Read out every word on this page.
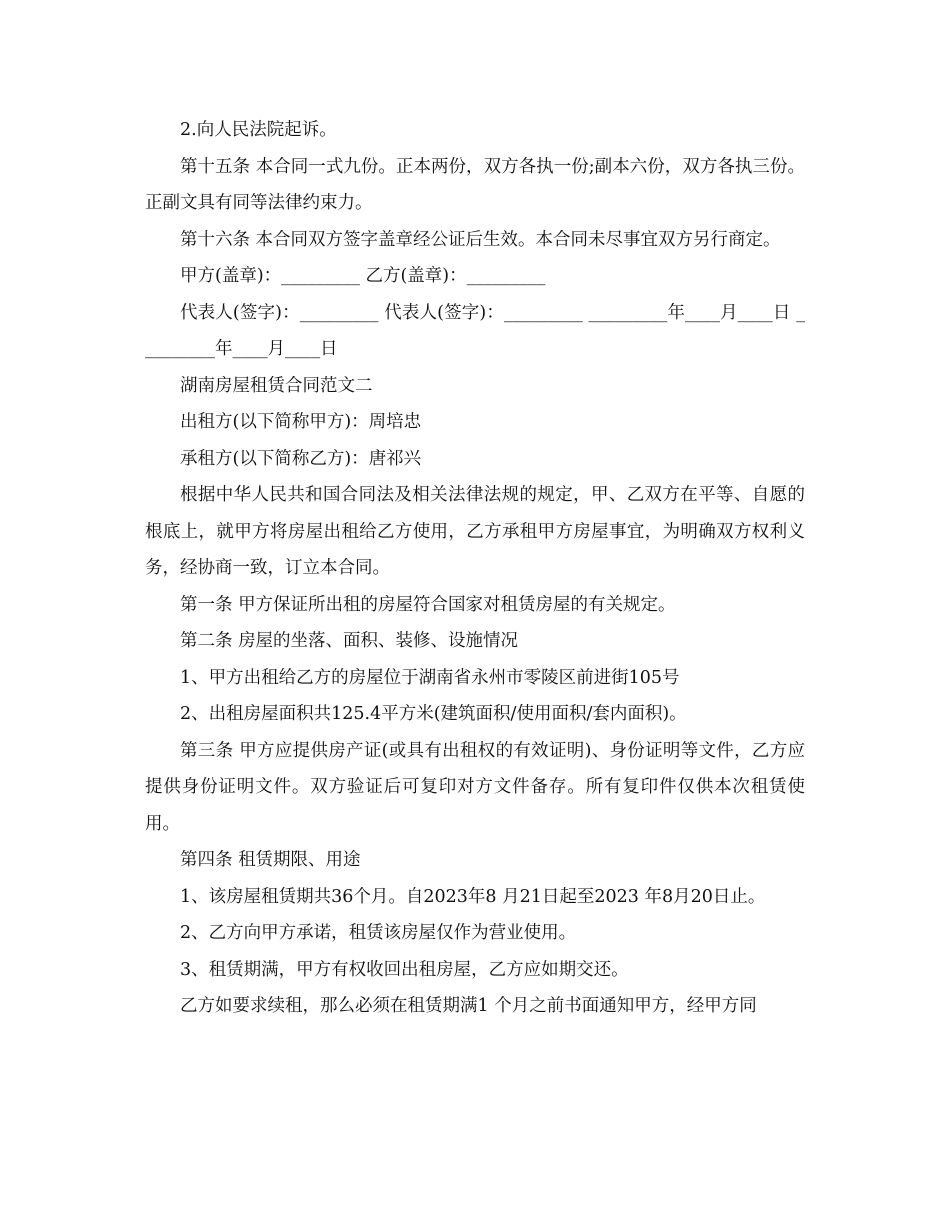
2.向人民法院起诉。

第十五条 本合同一式九份。正本两份，双方各执一份;副本六份，双方各执三份。正副文具有同等法律约束力。

第十六条 本合同双方签字盖章经公证后生效。本合同未尽事宜双方另行商定。

甲方(盖章)：_________ 乙方(盖章)：_________

代表人(签字)：_________ 代表人(签字)：_________ _________年____月____日 _________年____月____日

湖南房屋租赁合同范文二

出租方(以下简称甲方)：周培忠

承租方(以下简称乙方)：唐祁兴

根据中华人民共和国合同法及相关法律法规的规定，甲、乙双方在平等、自愿的根底上，就甲方将房屋出租给乙方使用，乙方承租甲方房屋事宜，为明确双方权利义务，经协商一致，订立本合同。

第一条 甲方保证所出租的房屋符合国家对租赁房屋的有关规定。

第二条 房屋的坐落、面积、装修、设施情况

1、甲方出租给乙方的房屋位于湖南省永州市零陵区前进街105号

2、出租房屋面积共125.4平方米(建筑面积/使用面积/套内面积)。

第三条 甲方应提供房产证(或具有出租权的有效证明)、身份证明等文件，乙方应提供身份证明文件。双方验证后可复印对方文件备存。所有复印件仅供本次租赁使用。

第四条 租赁期限、用途

1、该房屋租赁期共36个月。自2023年8 月21日起至2023 年8月20日止。

2、乙方向甲方承诺，租赁该房屋仅作为营业使用。

3、租赁期满，甲方有权收回出租房屋，乙方应如期交还。

乙方如要求续租，那么必须在租赁期满1 个月之前书面通知甲方，经甲方同
